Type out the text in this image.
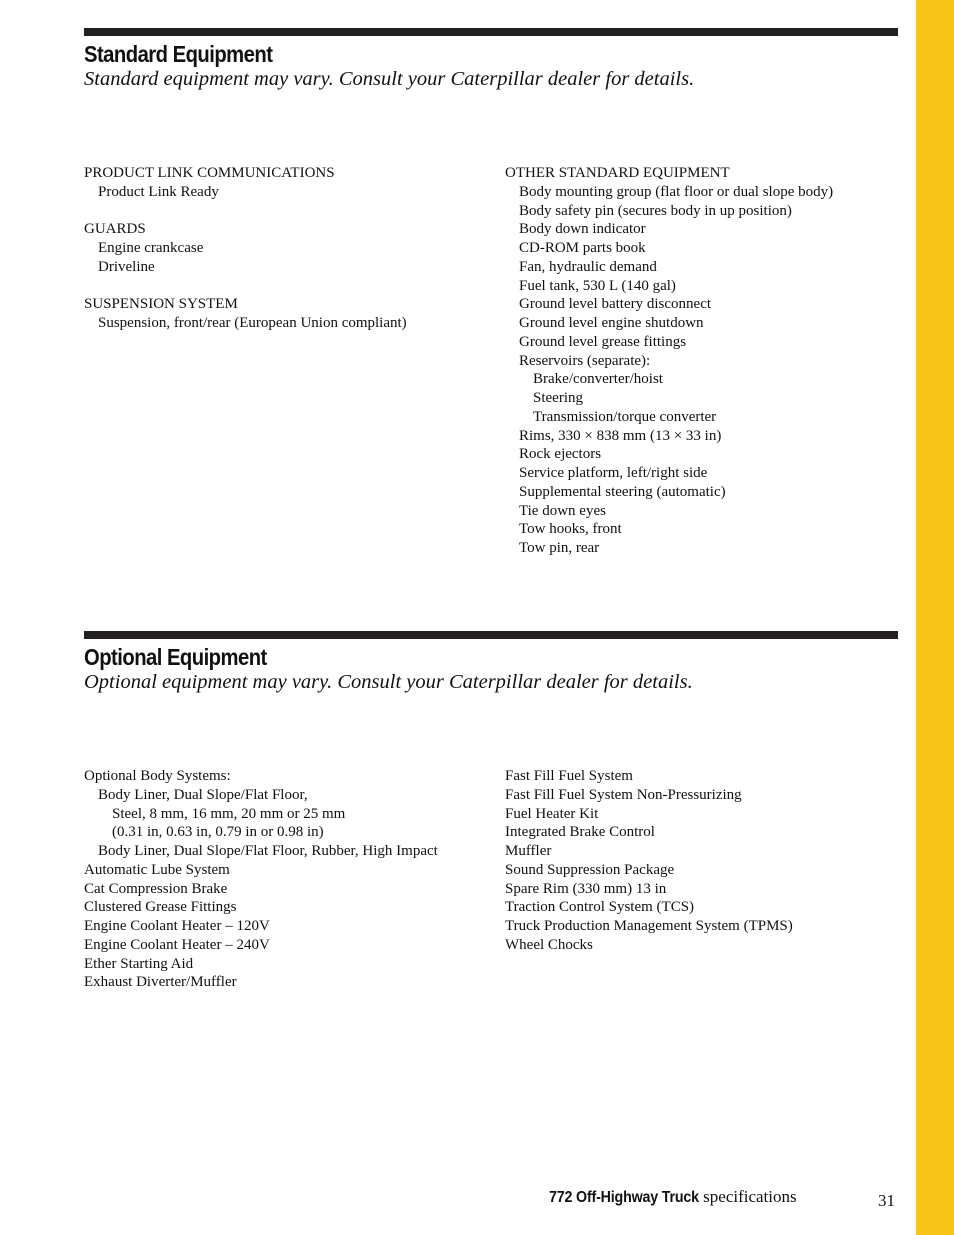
Standard Equipment

Standard equipment may vary. Consult your Caterpillar dealer for details.

PRODUCT LINK COMMUNICATIONS
Product Link Ready
GUARDS
Engine crankcase
Driveline
SUSPENSION SYSTEM
Suspension, front/rear (European Union compliant)
OTHER STANDARD EQUIPMENT
Body mounting group (flat floor or dual slope body)
Body safety pin (secures body in up position)
Body down indicator
CD-ROM parts book
Fan, hydraulic demand
Fuel tank, 530 L (140 gal)
Ground level battery disconnect
Ground level engine shutdown
Ground level grease fittings
Reservoirs (separate):
Brake/converter/hoist
Steering
Transmission/torque converter
Rims, 330 × 838 mm (13 × 33 in)
Rock ejectors
Service platform, left/right side
Supplemental steering (automatic)
Tie down eyes
Tow hooks, front
Tow pin, rear
Optional Equipment

Optional equipment may vary. Consult your Caterpillar dealer for details.

Optional Body Systems:
Body Liner, Dual Slope/Flat Floor,
Steel, 8 mm, 16 mm, 20 mm or 25 mm
(0.31 in, 0.63 in, 0.79 in or 0.98 in)
Body Liner, Dual Slope/Flat Floor, Rubber, High Impact
Automatic Lube System
Cat Compression Brake
Clustered Grease Fittings
Engine Coolant Heater – 120V
Engine Coolant Heater – 240V
Ether Starting Aid
Exhaust Diverter/Muffler
Fast Fill Fuel System
Fast Fill Fuel System Non-Pressurizing
Fuel Heater Kit
Integrated Brake Control
Muffler
Sound Suppression Package
Spare Rim (330 mm) 13 in
Traction Control System (TCS)
Truck Production Management System (TPMS)
Wheel Chocks
772 Off-Highway Truck specifications	31
